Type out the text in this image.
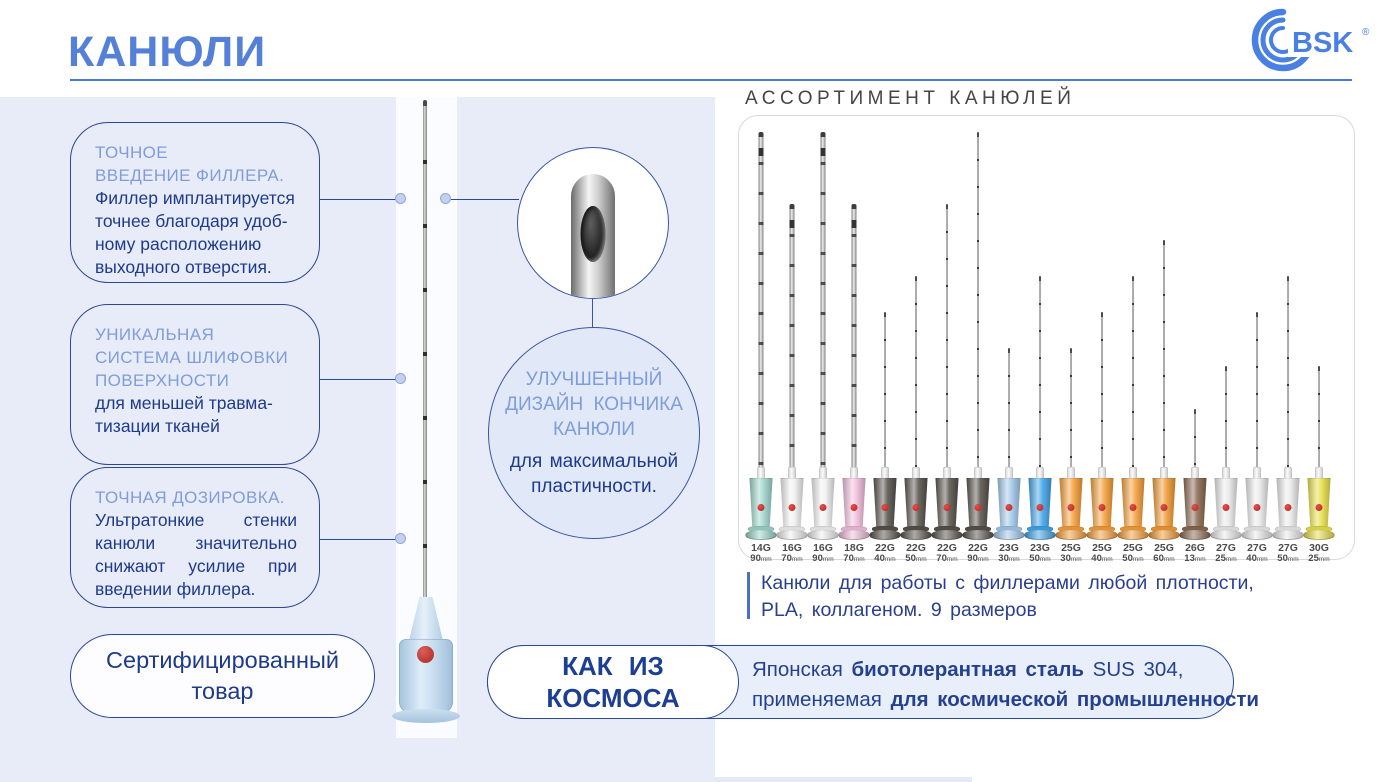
КАНЮЛИ	BSK ®
ТОЧНОЕ
ВВЕДЕНИЕ ФИЛЛЕРА.
Филлер имплантируется
точнее благодаря удоб-
ному расположению
выходного отверстия.
УНИКАЛЬНАЯ
СИСТЕМА ШЛИФОВКИ
ПОВЕРХНОСТИ
для меньшей травма-
тизации тканей
ТОЧНАЯ ДОЗИРОВКА.
Ультратонкие стенки канюли значительно снижают усилие при введении филлера.
УЛУЧШЕННЫЙ
ДИЗАЙН КОНЧИКА
КАНЮЛИ
для максимальной
пластичности.
Сертифицированный
товар
АССОРТИМЕНТ КАНЮЛЕЙ
14G
90mm
16G
70mm
16G
90mm
18G
70mm
22G
40mm
22G
50mm
22G
70mm
22G
90mm
23G
30mm
23G
50mm
25G
30mm
25G
40mm
25G
50mm
25G
60mm
26G
13mm
27G
25mm
27G
40mm
27G
50mm
30G
25mm
Канюли для работы с филлерами любой плотности,
PLA, коллагеном. 9 размеров
Японская биотолерантная сталь SUS 304,
применяемая для космической промышленности
КАК ИЗ
КОСМОСА
